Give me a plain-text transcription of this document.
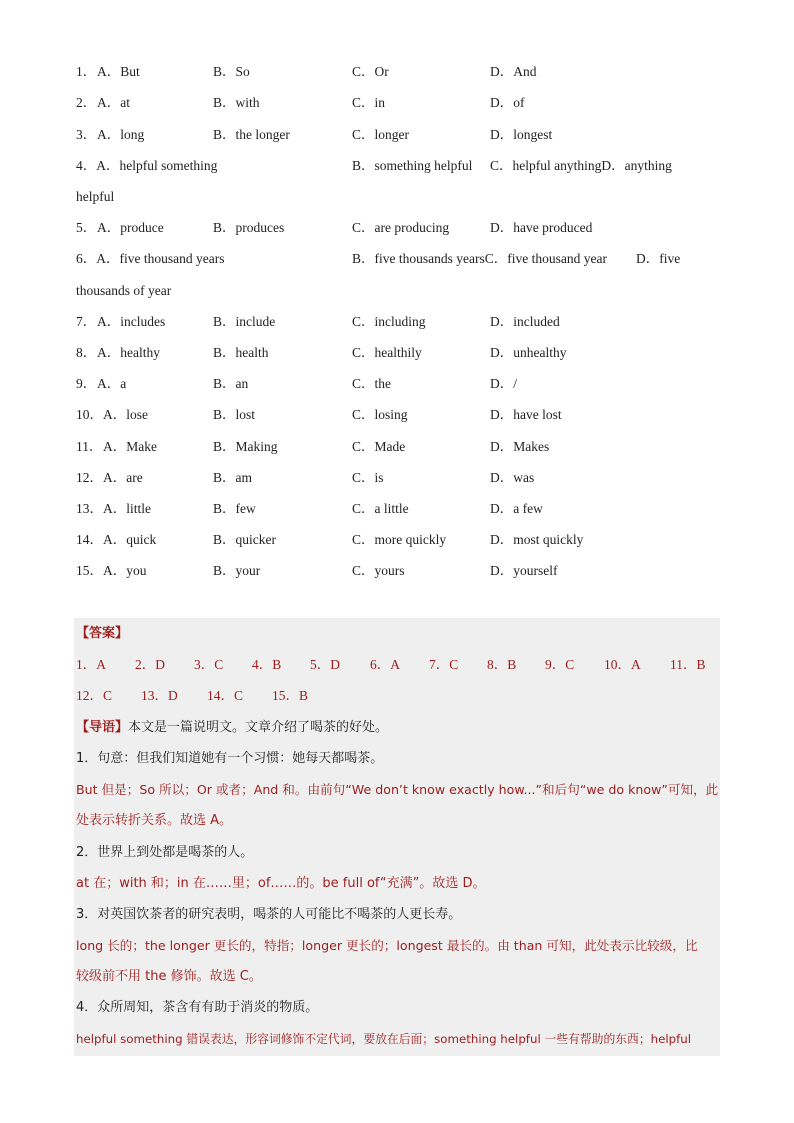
1． A．But	B．So	C．Or	D．And
2． A．at	B．with	C．in	D．of
3． A．long	B．the longer	C．longer	D．longest
4．A．helpful something	B．something helpful C．helpful anythingD．anything
helpful
5． A．produce	B．produces	C．are producing	D．have produced
6．A．five thousand years	B．five thousands yearsC．five thousand year D．five
thousands of year
7． A．includes	B．include	C．including	D．included
8． A．healthy	B．health	C．healthily	D．unhealthy
9． A．a	B．an	C．the	D．/
10． A．lose	B．lost	C．losing	D．have lost
11． A．Make	B．Making	C．Made	D．Makes
12． A．are	B．am	C．is	D．was
13． A．little	B．few	C．a little	D．a few
14． A．quick	B．quicker	C．more quickly	D．most quickly
15． A．you	B．your	C．yours	D．yourself
【答案】
1．A 2．D 3．C 4．B 5．D 6．A 7．C 8．B 9．C 10．A 11．B
12．C 13．D 14．C 15．B
【导语】本文是一篇说明文。文章介绍了喝茶的好处。
1．句意：但我们知道她有一个习惯：她每天都喝茶。
But 但是；So 所以；Or 或者；And 和。由前句“We don’t know exactly how...”和后句“we do know”可知，此
处表示转折关系。故选 A。
2．世界上到处都是喝茶的人。
at 在；with 和；in 在……里；of……的。be full of“充满”。故选 D。
3．对英国饮茶者的研究表明，喝茶的人可能比不喝茶的人更长寿。
long 长的；the longer 更长的，特指；longer 更长的；longest 最长的。由 than 可知，此处表示比较级，比
较级前不用 the 修饰。故选 C。
4．众所周知，茶含有有助于消炎的物质。
helpful something 错误表达，形容词修饰不定代词，要放在后面；something helpful 一些有帮助的东西；helpful
